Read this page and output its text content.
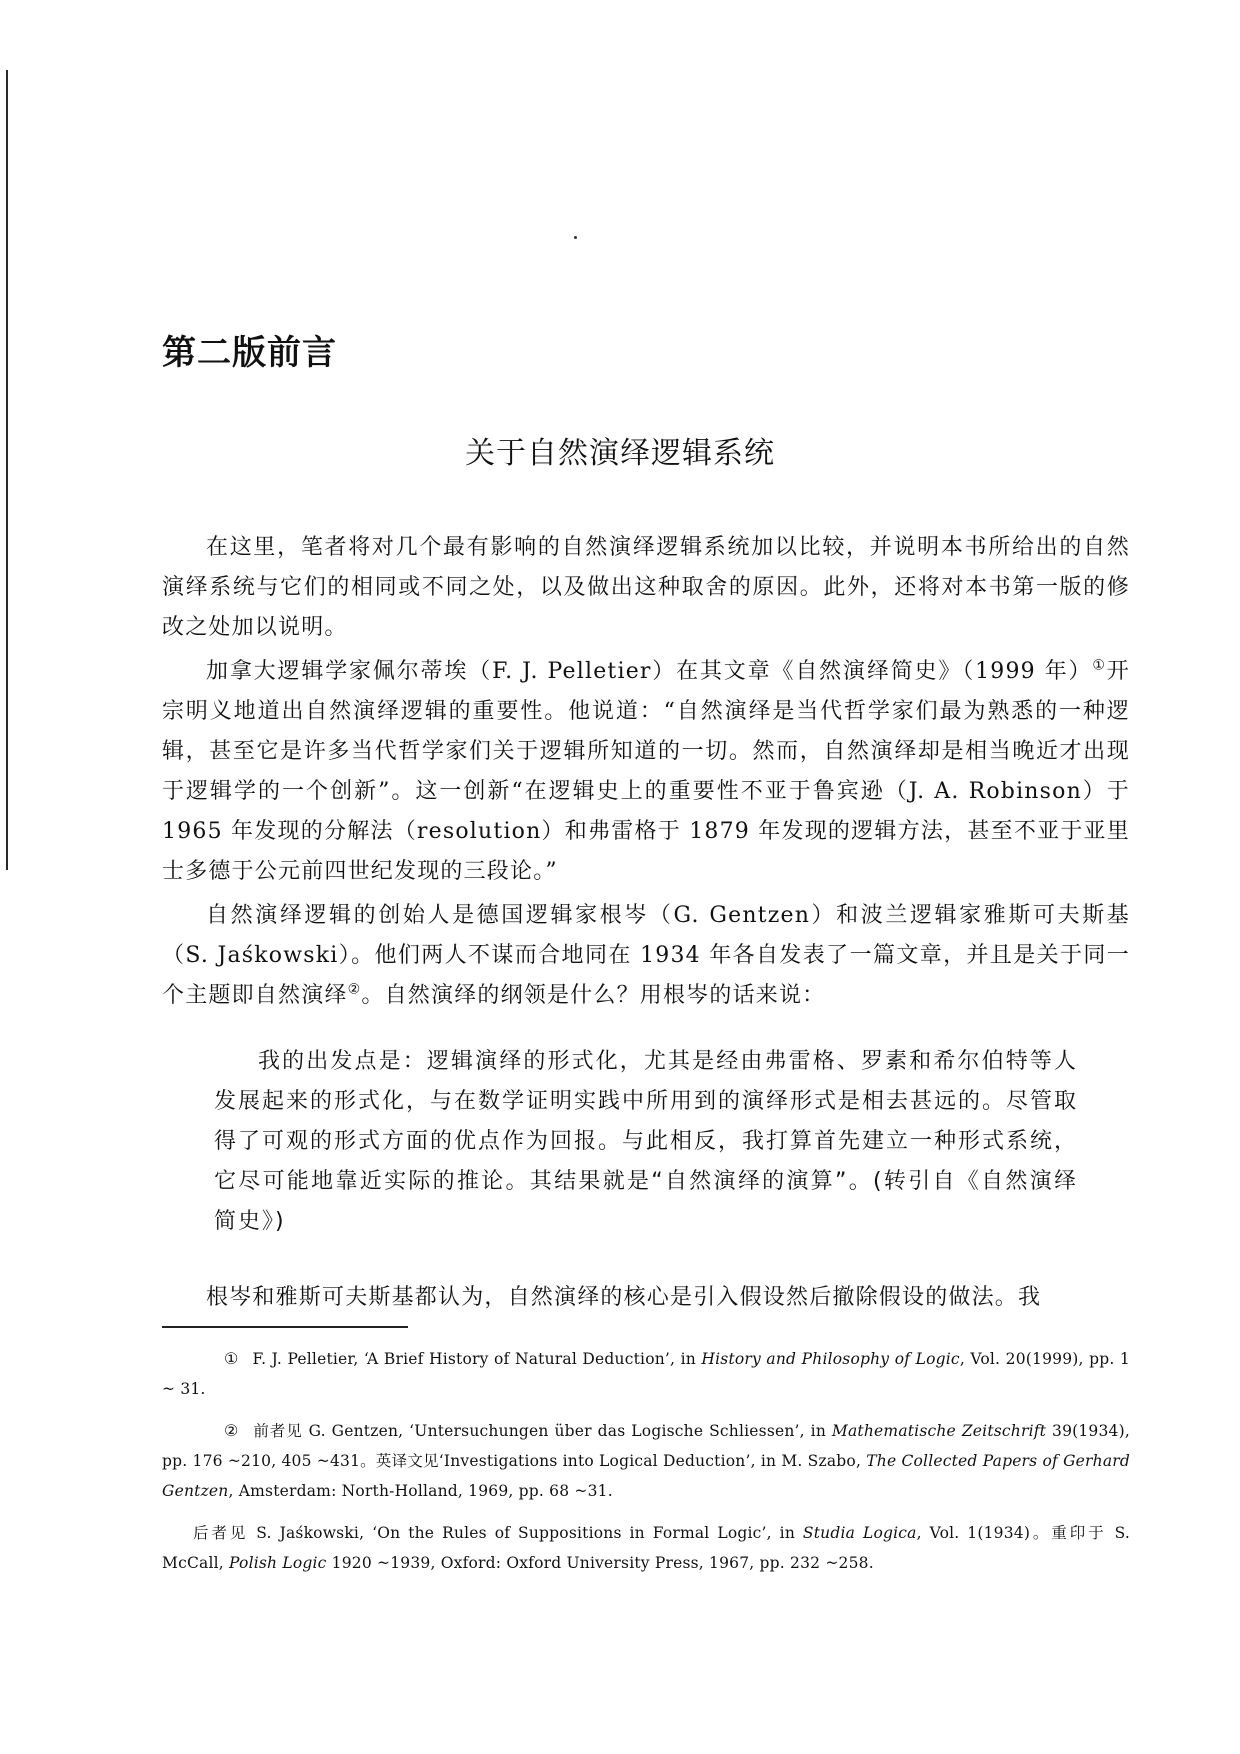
第二版前言
关于自然演绎逻辑系统

在这里，笔者将对几个最有影响的自然演绎逻辑系统加以比较，并说明本书所给出的自然演绎系统与它们的相同或不同之处，以及做出这种取舍的原因。此外，还将对本书第一版的修改之处加以说明。

加拿大逻辑学家佩尔蒂埃（F. J. Pelletier）在其文章《自然演绎简史》（1999 年）①开宗明义地道出自然演绎逻辑的重要性。他说道：“自然演绎是当代哲学家们最为熟悉的一种逻辑，甚至它是许多当代哲学家们关于逻辑所知道的一切。然而，自然演绎却是相当晚近才出现于逻辑学的一个创新”。这一创新“在逻辑史上的重要性不亚于鲁宾逊（J. A. Robinson）于 1965 年发现的分解法（resolution）和弗雷格于 1879 年发现的逻辑方法，甚至不亚于亚里士多德于公元前四世纪发现的三段论。”

自然演绎逻辑的创始人是德国逻辑家根岑（G. Gentzen）和波兰逻辑家雅斯可夫斯基（S. Jaśkowski）。他们两人不谋而合地同在 1934 年各自发表了一篇文章，并且是关于同一个主题即自然演绎②。自然演绎的纲领是什么？用根岑的话来说：

我的出发点是：逻辑演绎的形式化，尤其是经由弗雷格、罗素和希尔伯特等人发展起来的形式化，与在数学证明实践中所用到的演绎形式是相去甚远的。尽管取得了可观的形式方面的优点作为回报。与此相反，我打算首先建立一种形式系统，它尽可能地靠近实际的推论。其结果就是“自然演绎的演算”。(转引自《自然演绎简史》)

根岑和雅斯可夫斯基都认为，自然演绎的核心是引入假设然后撤除假设的做法。我

① F. J. Pelletier, ‘A Brief History of Natural Deduction’, in History and Philosophy of Logic, Vol. 20(1999), pp. 1 ~ 31.

② 前者见 G. Gentzen, ‘Untersuchungen über das Logische Schliessen’, in Mathematische Zeitschrift 39(1934), pp. 176 ~210, 405 ~431。英译文见‘Investigations into Logical Deduction’, in M. Szabo, The Collected Papers of Gerhard Gentzen, Amsterdam: North-Holland, 1969, pp. 68 ~31.

后者见 S. Jaśkowski, ‘On the Rules of Suppositions in Formal Logic’, in Studia Logica, Vol. 1(1934)。重印于 S. McCall, Polish Logic 1920 ~1939, Oxford: Oxford University Press, 1967, pp. 232 ~258.
